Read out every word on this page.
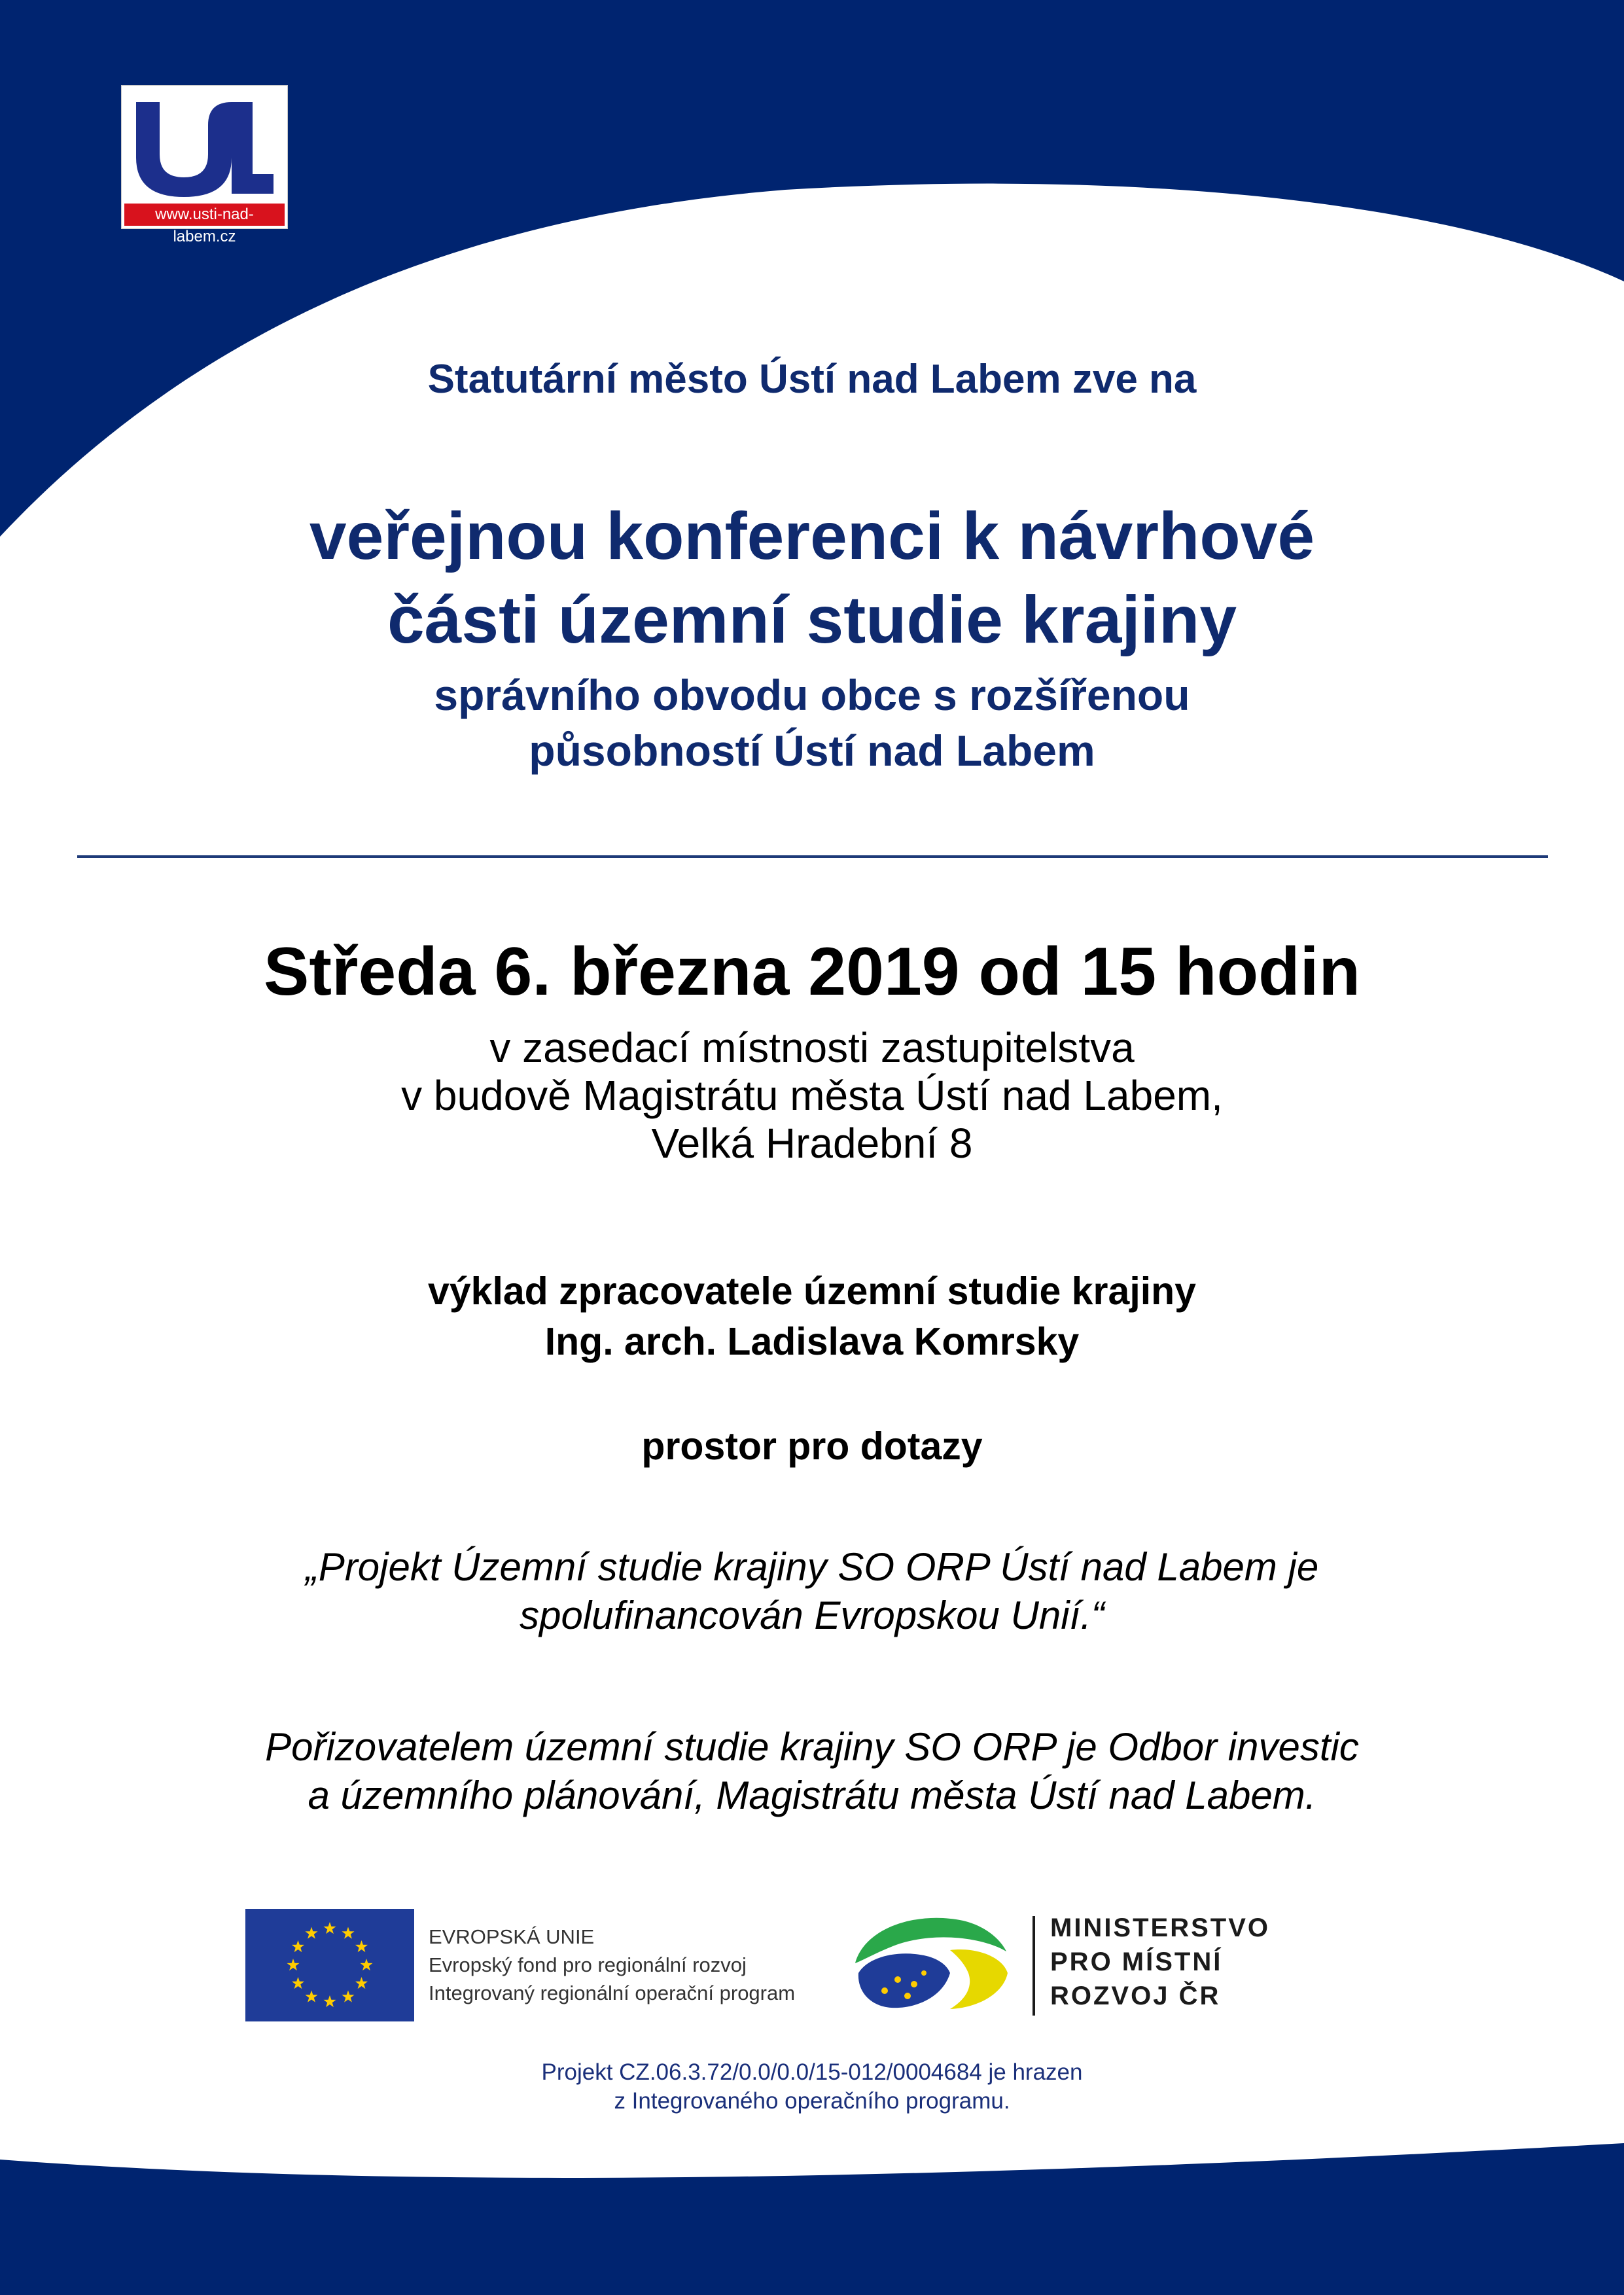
www.usti-nad-labem.cz
Statutární město Ústí nad Labem zve na
veřejnou konferenci k návrhové
části územní studie krajiny
správního obvodu obce s rozšířenou
působností Ústí nad Labem
Středa 6. března 2019 od 15 hodin
v zasedací místnosti zastupitelstva
v budově Magistrátu města Ústí nad Labem,
Velká Hradební 8
výklad zpracovatele územní studie krajiny
Ing. arch. Ladislava Komrsky
prostor pro dotazy
„Projekt Územní studie krajiny SO ORP Ústí nad Labem je
spolufinancován Evropskou Unií.“
Pořizovatelem územní studie krajiny SO ORP je Odbor investic
a územního plánování, Magistrátu města Ústí nad Labem.
EVROPSKÁ UNIE
Evropský fond pro regionální rozvoj
Integrovaný regionální operační program
MINISTERSTVO
PRO MÍSTNÍ
ROZVOJ ČR
Projekt CZ.06.3.72/0.0/0.0/15-012/0004684 je hrazen
z Integrovaného operačního programu.
